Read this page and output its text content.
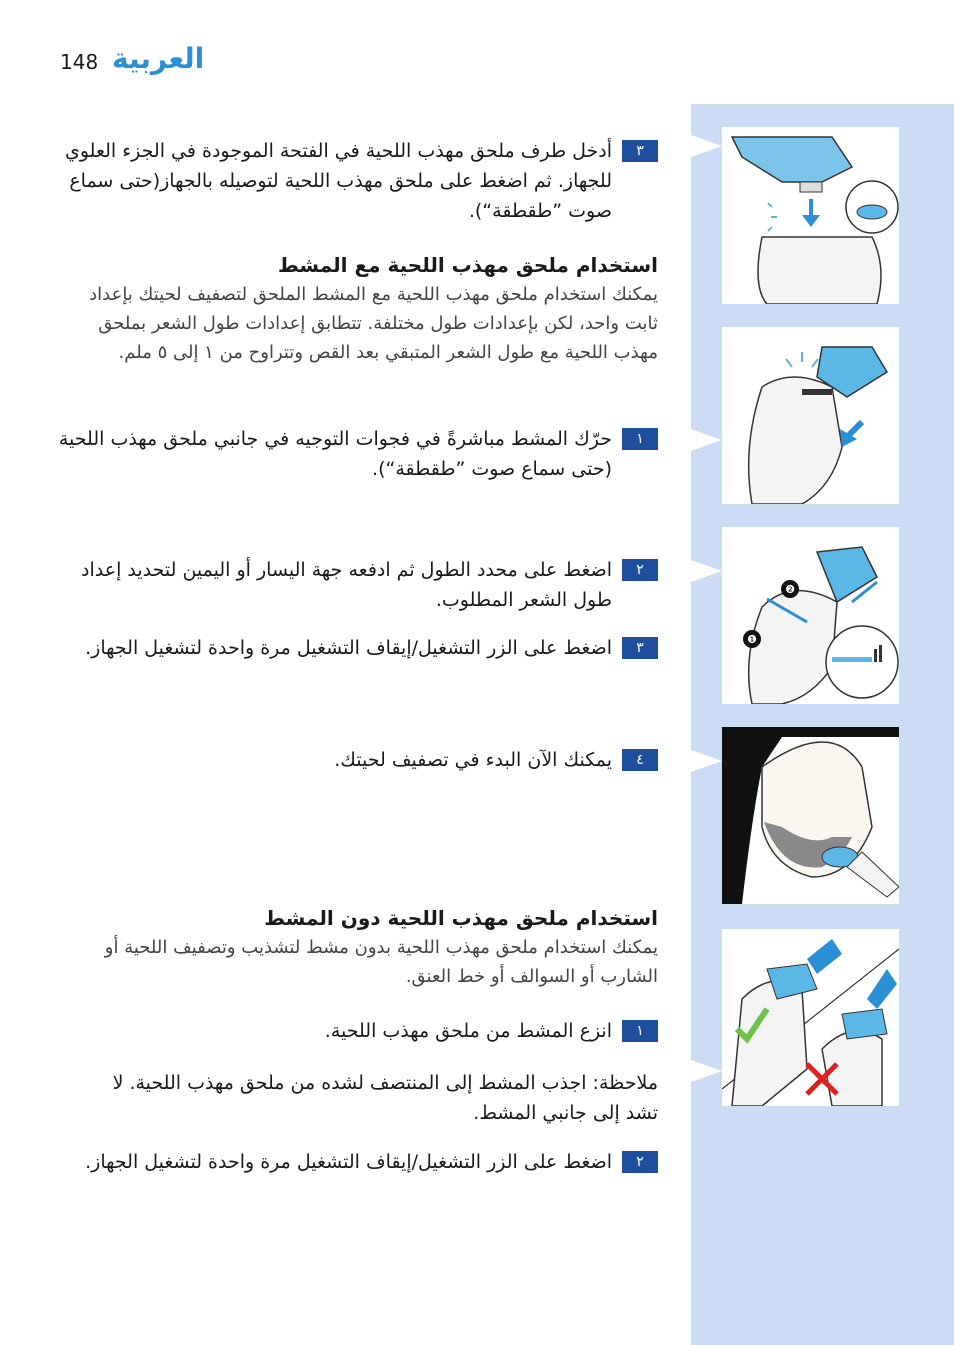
148 العربية
❶
❷
٣
أدخل طرف ملحق مهذب اللحية في الفتحة الموجودة في الجزء العلوي للجهاز. ثم اضغط على ملحق مهذب اللحية لتوصيله بالجهاز(حتى سماع صوت ”طقطقة“).
استخدام ملحق مهذب اللحية مع المشط
يمكنك استخدام ملحق مهذب اللحية مع المشط الملحق لتصفيف لحيتك بإعداد ثابت واحد، لكن بإعدادات طول مختلفة. تتطابق إعدادات طول الشعر بملحق مهذب اللحية مع طول الشعر المتبقي بعد القص وتتراوح من ١ إلى ٥ ملم.
١
حرّك المشط مباشرةً في فجوات التوجيه في جانبي ملحق مهذب اللحية (حتى سماع صوت ”طقطقة“).
٢
اضغط على محدد الطول ثم ادفعه جهة اليسار أو اليمين لتحديد إعداد طول الشعر المطلوب.
٣
اضغط على الزر التشغيل/إيقاف التشغيل مرة واحدة لتشغيل الجهاز.
٤
يمكنك الآن البدء في تصفيف لحيتك.
استخدام ملحق مهذب اللحية دون المشط
يمكنك استخدام ملحق مهذب اللحية بدون مشط لتشذيب وتصفيف اللحية أو الشارب أو السوالف أو خط العنق.
١
انزع المشط من ملحق مهذب اللحية.
ملاحظة: اجذب المشط إلى المنتصف لشده من ملحق مهذب اللحية. لا تشد إلى جانبي المشط.
٢
اضغط على الزر التشغيل/إيقاف التشغيل مرة واحدة لتشغيل الجهاز.
